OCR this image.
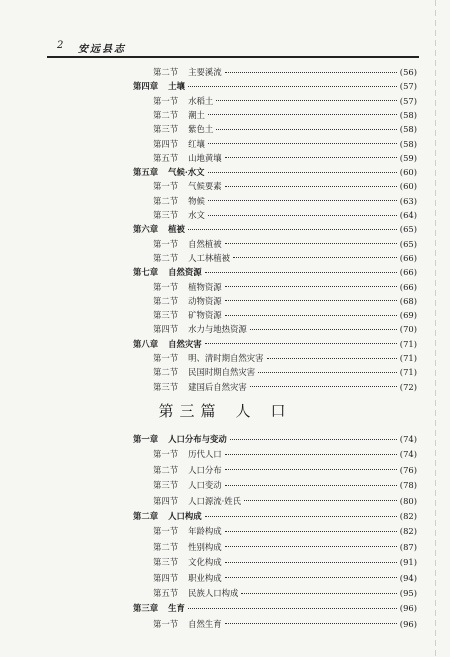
2 安远县志
第二节 主要溪流	(56)
第四章 土壤	(57)
第一节 水稻土	(57)
第二节 潮土	(58)
第三节 紫色土	(58)
第四节 红壤	(58)
第五节 山地黄壤	(59)
第五章 气候·水文	(60)
第一节 气候要素	(60)
第二节 物候	(63)
第三节 水文	(64)
第六章 植被	(65)
第一节 自然植被	(65)
第二节 人工林植被	(66)
第七章 自然资源	(66)
第一节 植物资源	(66)
第二节 动物资源	(68)
第三节 矿物资源	(69)
第四节 水力与地热资源	(70)
第八章 自然灾害	(71)
第一节 明、清时期自然灾害	(71)
第二节 民国时期自然灾害	(71)
第三节 建国后自然灾害	(72)
第三篇 人 口
第一章 人口分布与变动	(74)
第一节 历代人口	(74)
第二节 人口分布	(76)
第三节 人口变动	(78)
第四节 人口源流·姓氏	(80)
第二章 人口构成	(82)
第一节 年龄构成	(82)
第二节 性别构成	(87)
第三节 文化构成	(91)
第四节 职业构成	(94)
第五节 民族人口构成	(95)
第三章 生育	(96)
第一节 自然生育	(96)
